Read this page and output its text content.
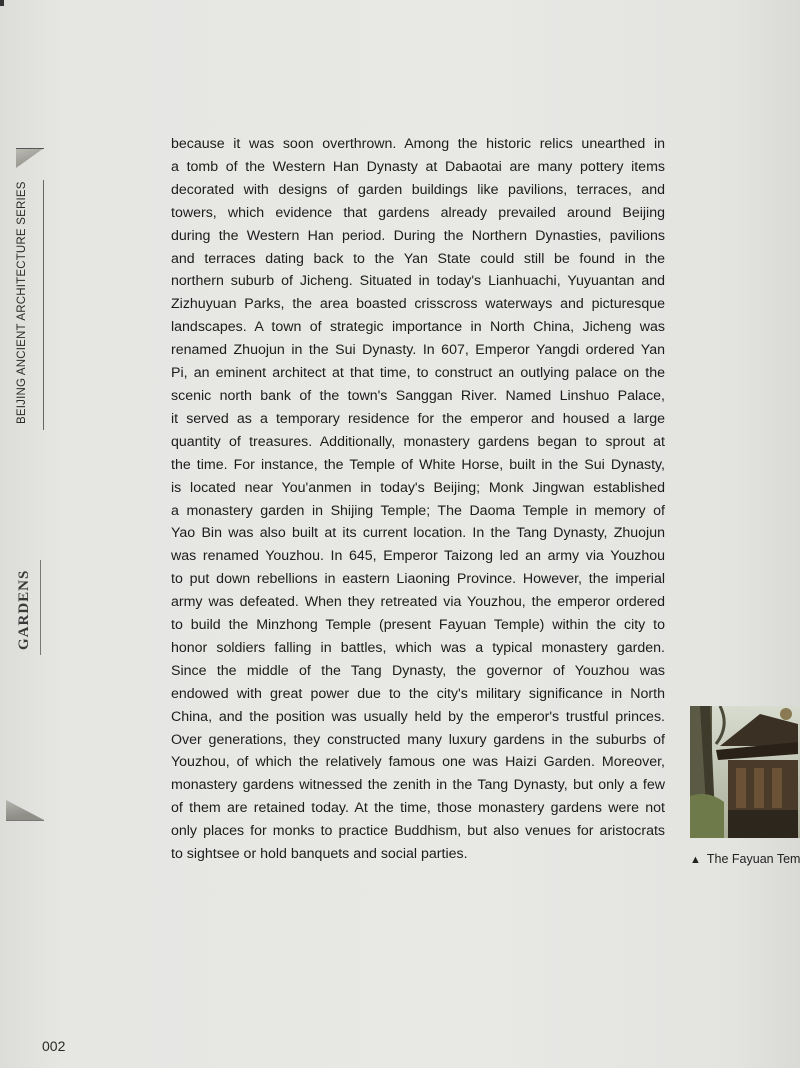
BEIJING ANCIENT ARCHITECTURE SERIES
GARDENS

because it was soon overthrown. Among the historic relics unearthed in
a tomb of the Western Han Dynasty at Dabaotai are many pottery items
decorated with designs of garden buildings like pavilions, terraces, and
towers, which evidence that gardens already prevailed around Beijing
during the Western Han period. During the Northern Dynasties, pavilions
and terraces dating back to the Yan State could still be found in the
northern suburb of Jicheng. Situated in today's Lianhuachi, Yuyuantan and
Zizhuyuan Parks, the area boasted crisscross waterways and picturesque
landscapes. A town of strategic importance in North China, Jicheng was
renamed Zhuojun in the Sui Dynasty. In 607, Emperor Yangdi ordered Yan
Pi, an eminent architect at that time, to construct an outlying palace on the
scenic north bank of the town's Sanggan River. Named Linshuo Palace,
it served as a temporary residence for the emperor and housed a large
quantity of treasures. Additionally, monastery gardens began to sprout at
the time. For instance, the Temple of White Horse, built in the Sui Dynasty,
is located near You'anmen in today's Beijing; Monk Jingwan established
a monastery garden in Shijing Temple; The Daoma Temple in memory of
Yao Bin was also built at its current location. In the Tang Dynasty, Zhuojun
was renamed Youzhou. In 645, Emperor Taizong led an army via Youzhou
to put down rebellions in eastern Liaoning Province. However, the imperial
army was defeated. When they retreated via Youzhou, the emperor ordered
to build the Minzhong Temple (present Fayuan Temple) within the city to
honor soldiers falling in battles, which was a typical monastery garden.
Since the middle of the Tang Dynasty, the governor of Youzhou was
endowed with great power due to the city's military significance in North
China, and the position was usually held by the emperor's trustful princes.
Over generations, they constructed many luxury gardens in the suburbs of
Youzhou, of which the relatively famous one was Haizi Garden. Moreover,
monastery gardens witnessed the zenith in the Tang Dynasty, but only a few
of them are retained today. At the time, those monastery gardens were not
only places for monks to practice Buddhism, but also venues for aristocrats
to sightsee or hold banquets and social parties.	▲ The Fayuan Tem
002
